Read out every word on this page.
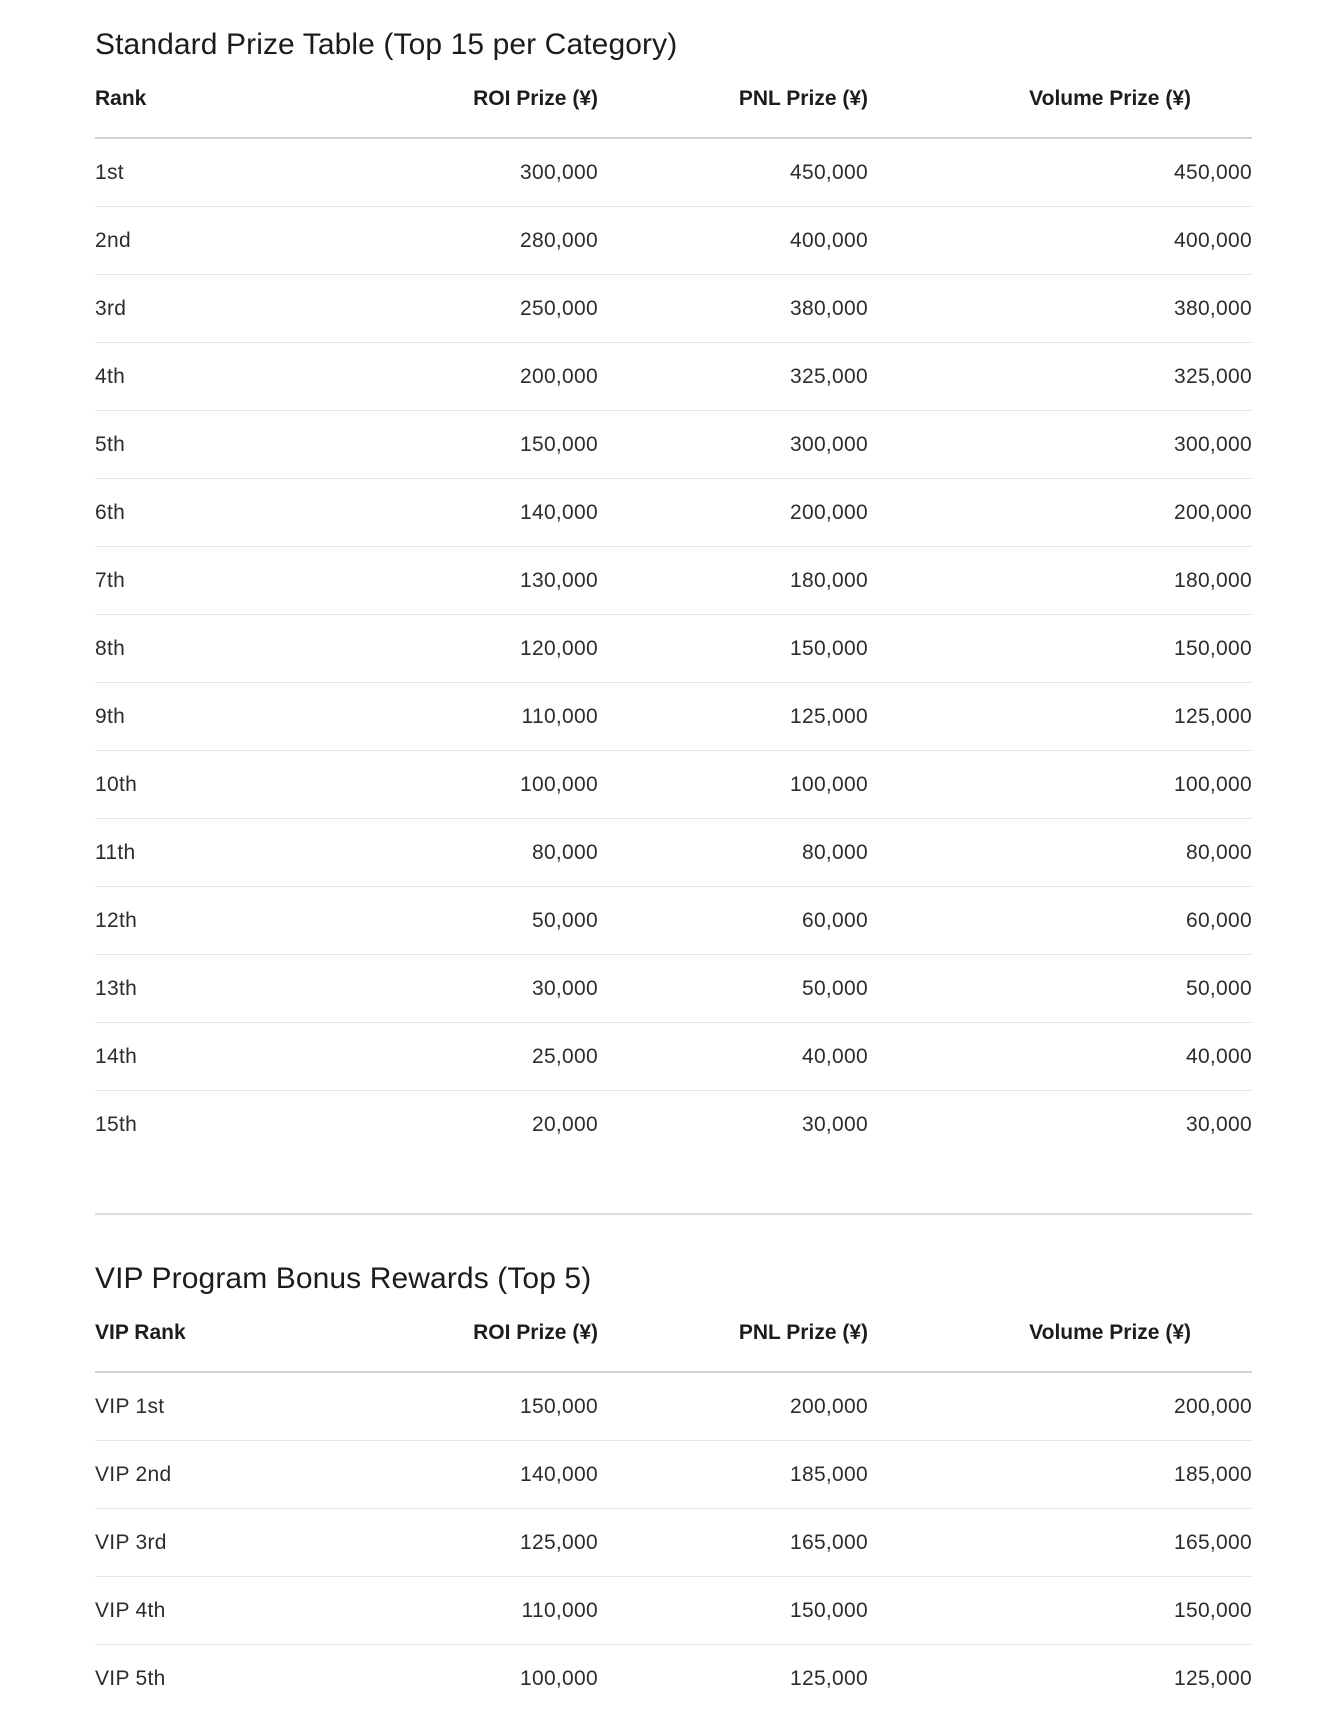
Standard Prize Table (Top 15 per Category)
Rank	ROI Prize (¥)	PNL Prize (¥)	Volume Prize (¥)
1st	300,000	450,000	450,000
2nd	280,000	400,000	400,000
3rd	250,000	380,000	380,000
4th	200,000	325,000	325,000
5th	150,000	300,000	300,000
6th	140,000	200,000	200,000
7th	130,000	180,000	180,000
8th	120,000	150,000	150,000
9th	110,000	125,000	125,000
10th	100,000	100,000	100,000
11th	80,000	80,000	80,000
12th	50,000	60,000	60,000
13th	30,000	50,000	50,000
14th	25,000	40,000	40,000
15th	20,000	30,000	30,000
VIP Program Bonus Rewards (Top 5)
VIP Rank	ROI Prize (¥)	PNL Prize (¥)	Volume Prize (¥)
VIP 1st	150,000	200,000	200,000
VIP 2nd	140,000	185,000	185,000
VIP 3rd	125,000	165,000	165,000
VIP 4th	110,000	150,000	150,000
VIP 5th	100,000	125,000	125,000
